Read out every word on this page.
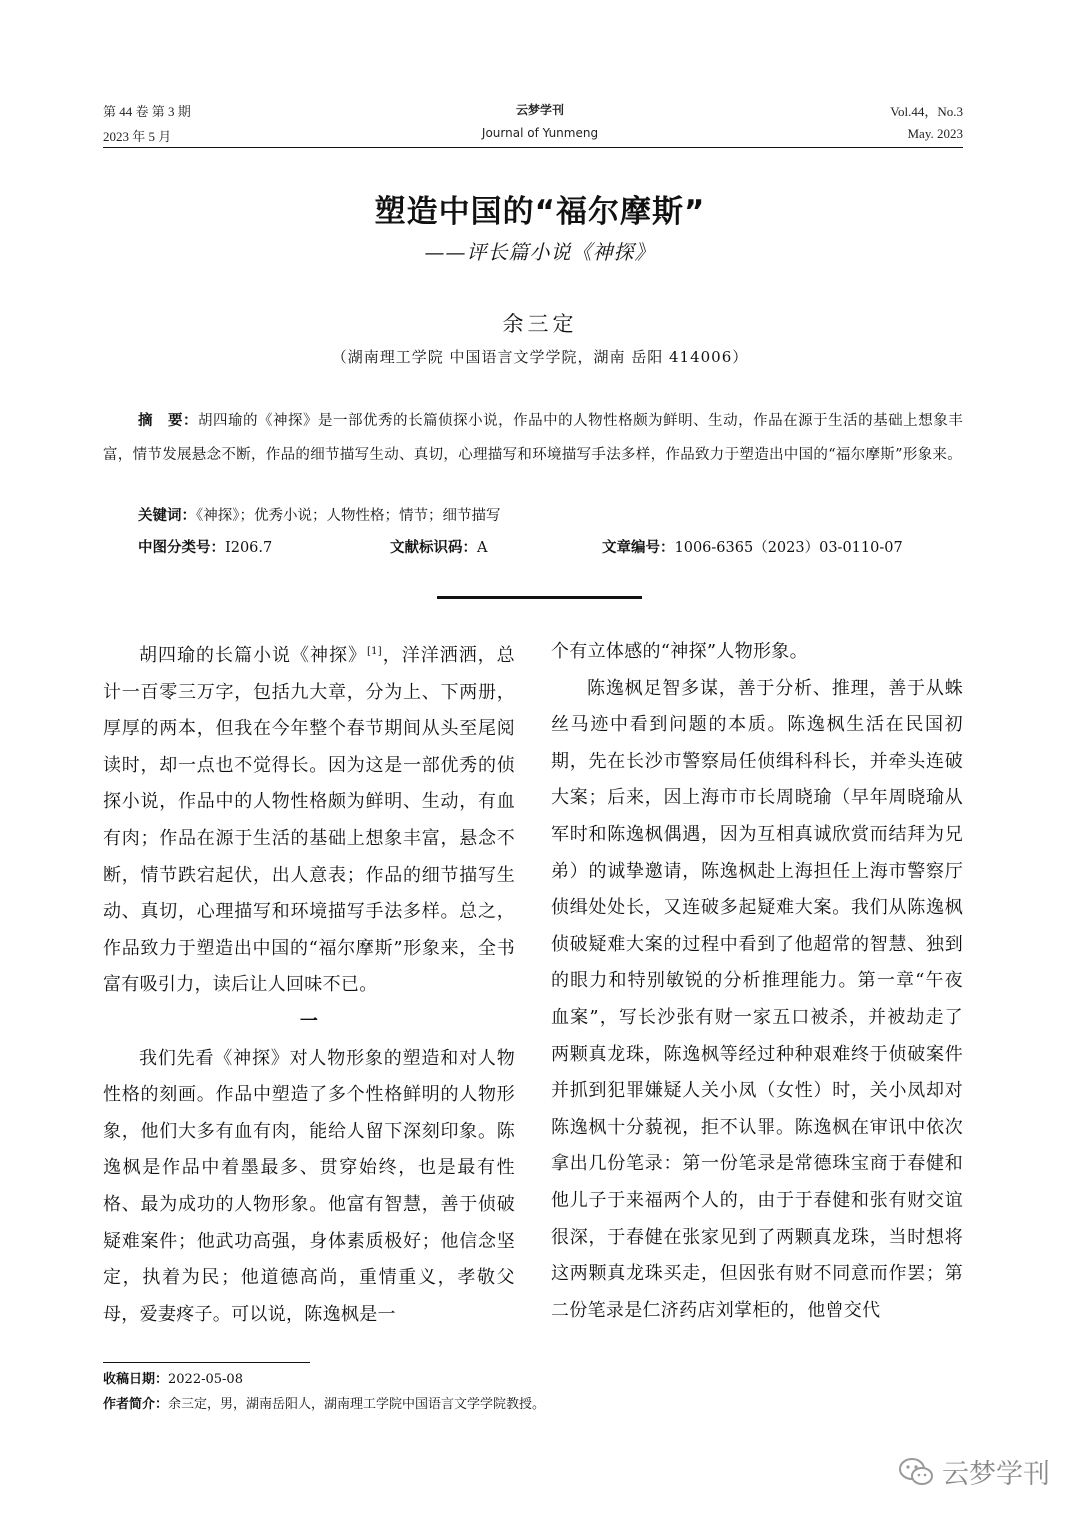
第 44 卷 第 3 期
2023 年 5 月
云梦学刊
Journal of Yunmeng
Vol.44，No.3
May. 2023
塑造中国的“福尔摩斯”
——评长篇小说《神探》
余三定
（湖南理工学院 中国语言文学学院，湖南 岳阳 414006）
摘　要：胡四瑜的《神探》是一部优秀的长篇侦探小说，作品中的人物性格颇为鲜明、生动，作品在源于生活的基础上想象丰富，情节发展悬念不断，作品的细节描写生动、真切，心理描写和环境描写手法多样，作品致力于塑造出中国的“福尔摩斯”形象来。
关键词：《神探》；优秀小说；人物性格；情节；细节描写
中图分类号：I206.7	文献标识码：A	文章编号：1006-6365（2023）03-0110-07

胡四瑜的长篇小说《神探》[1]，洋洋洒洒，总计一百零三万字，包括九大章，分为上、下两册，厚厚的两本，但我在今年整个春节期间从头至尾阅读时，却一点也不觉得长。因为这是一部优秀的侦探小说，作品中的人物性格颇为鲜明、生动，有血有肉；作品在源于生活的基础上想象丰富，悬念不断，情节跌宕起伏，出人意表；作品的细节描写生动、真切，心理描写和环境描写手法多样。总之，作品致力于塑造出中国的“福尔摩斯”形象来，全书富有吸引力，读后让人回味不已。

一

我们先看《神探》对人物形象的塑造和对人物性格的刻画。作品中塑造了多个性格鲜明的人物形象，他们大多有血有肉，能给人留下深刻印象。陈逸枫是作品中着墨最多、贯穿始终，也是最有性格、最为成功的人物形象。他富有智慧，善于侦破疑难案件；他武功高强，身体素质极好；他信念坚定，执着为民；他道德高尚，重情重义，孝敬父母，爱妻疼子。可以说，陈逸枫是一

个有立体感的“神探”人物形象。

陈逸枫足智多谋，善于分析、推理，善于从蛛丝马迹中看到问题的本质。陈逸枫生活在民国初期，先在长沙市警察局任侦缉科科长，并牵头连破大案；后来，因上海市市长周晓瑜（早年周晓瑜从军时和陈逸枫偶遇，因为互相真诚欣赏而结拜为兄弟）的诚挚邀请，陈逸枫赴上海担任上海市警察厅侦缉处处长，又连破多起疑难大案。我们从陈逸枫侦破疑难大案的过程中看到了他超常的智慧、独到的眼力和特别敏锐的分析推理能力。第一章“午夜血案”，写长沙张有财一家五口被杀，并被劫走了两颗真龙珠，陈逸枫等经过种种艰难终于侦破案件并抓到犯罪嫌疑人关小凤（女性）时，关小凤却对陈逸枫十分藐视，拒不认罪。陈逸枫在审讯中依次拿出几份笔录：第一份笔录是常德珠宝商于春健和他儿子于来福两个人的，由于于春健和张有财交谊很深，于春健在张家见到了两颗真龙珠，当时想将这两颗真龙珠买走，但因张有财不同意而作罢；第二份笔录是仁济药店刘掌柜的，他曾交代

收稿日期：2022-05-08
作者简介：余三定，男，湖南岳阳人，湖南理工学院中国语言文学学院教授。
云梦学刊
